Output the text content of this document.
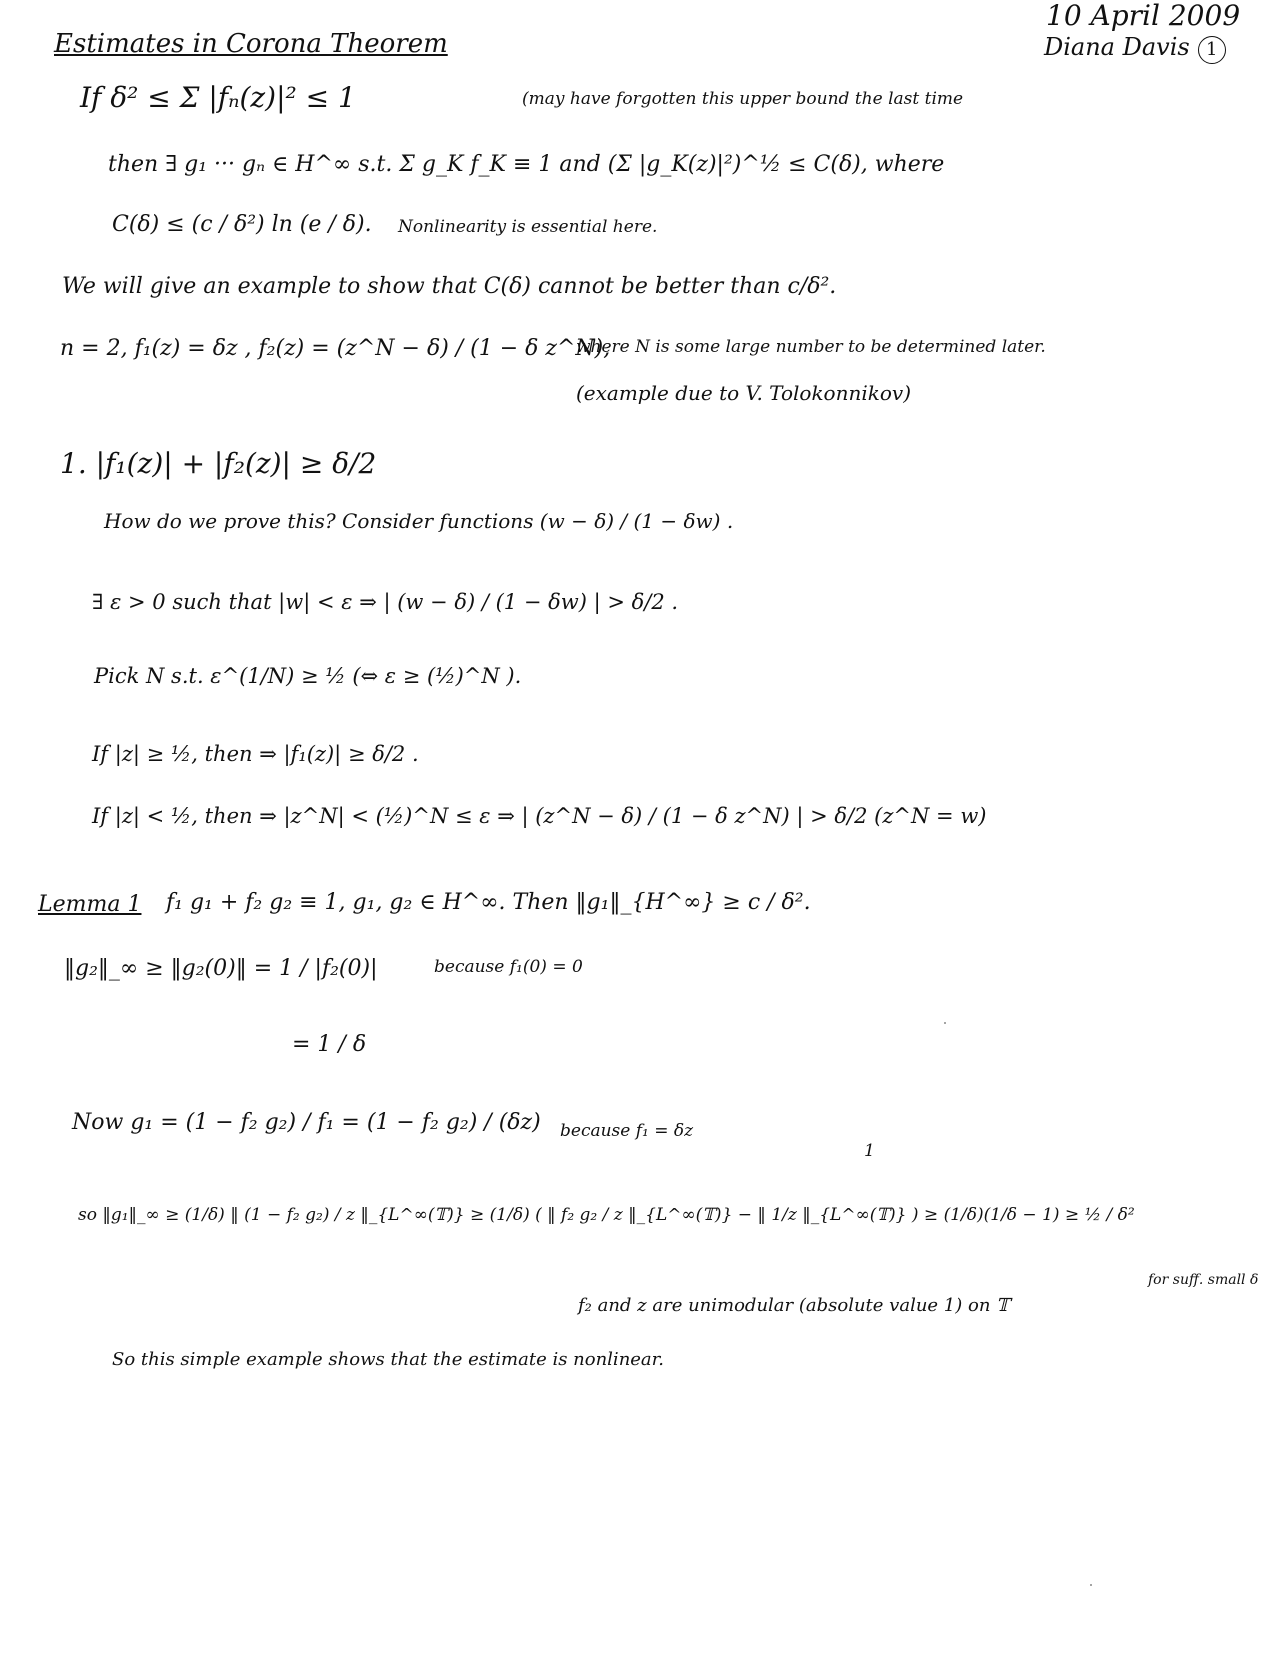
10 April 2009
Diana Davis 1
Estimates in Corona Theorem
If δ² ≤ Σ |fₙ(z)|² ≤ 1	(may have forgotten this upper bound the last time
then ∃ g₁ ··· gₙ ∈ H^∞ s.t. Σ g_K f_K ≡ 1 and (Σ |g_K(z)|²)^½ ≤ C(δ), where
C(δ) ≤ (c / δ²) ln (e / δ). Nonlinearity is essential here.
We will give an example to show that C(δ) cannot be better than c/δ².
n = 2, f₁(z) = δz , f₂(z) = (z^N − δ) / (1 − δ z^N),
where N is some large number to be determined later.
(example due to V. Tolokonnikov)
1. |f₁(z)| + |f₂(z)| ≥ δ/2
How do we prove this? Consider functions (w − δ) / (1 − δw) .
∃ ε > 0 such that |w| < ε ⇒ | (w − δ) / (1 − δw) | > δ/2 .
Pick N s.t. ε^(1/N) ≥ ½ (⇔ ε ≥ (½)^N ).
If |z| ≥ ½, then ⇒ |f₁(z)| ≥ δ/2 .
If |z| < ½, then ⇒ |z^N| < (½)^N ≤ ε ⇒ | (z^N − δ) / (1 − δ z^N) | > δ/2 (z^N = w)
Lemma 1 f₁ g₁ + f₂ g₂ ≡ 1, g₁, g₂ ∈ H^∞. Then ‖g₁‖_{H^∞} ≥ c / δ².
‖g₂‖_∞ ≥ ‖g₂(0)‖ = 1 / |f₂(0)|	because f₁(0) = 0
= 1 / δ
Now g₁ = (1 − f₂ g₂) / f₁ = (1 − f₂ g₂) / (δz) because f₁ = δz
1
so ‖g₁‖_∞ ≥ (1/δ) ‖ (1 − f₂ g₂) / z ‖_{L^∞(𝕋)} ≥ (1/δ) ( ‖ f₂ g₂ / z ‖_{L^∞(𝕋)} − ‖ 1/z ‖_{L^∞(𝕋)} ) ≥ (1/δ)(1/δ − 1) ≥ ½ / δ²
for suff. small δ
f₂ and z are unimodular (absolute value 1) on 𝕋
So this simple example shows that the estimate is nonlinear.
